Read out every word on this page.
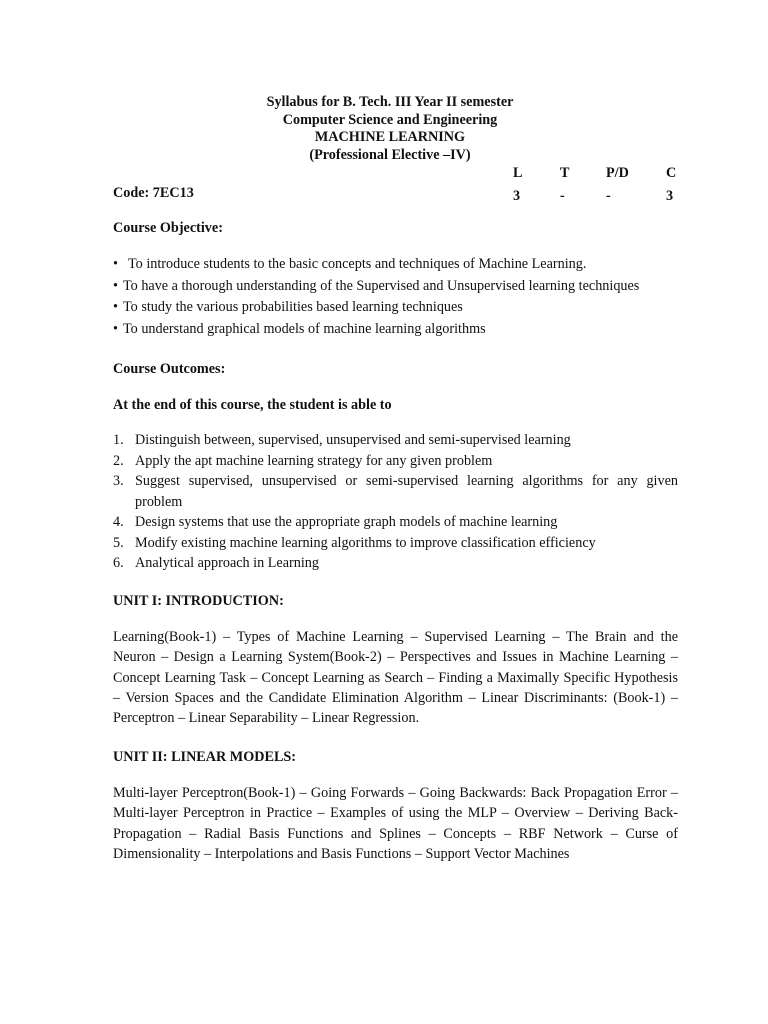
Syllabus for B. Tech. III Year II semester
Computer Science and Engineering
MACHINE LEARNING
(Professional Elective –IV)
L	T	P/D	C
3	-	-	3
Code: 7EC13
Course Objective:
• To introduce students to the basic concepts and techniques of Machine Learning.
• To have a thorough understanding of the Supervised and Unsupervised learning techniques
• To study the various probabilities based learning techniques
• To understand graphical models of machine learning algorithms
Course Outcomes:
At the end of this course, the student is able to
1. Distinguish between, supervised, unsupervised and semi-supervised learning
2. Apply the apt machine learning strategy for any given problem
3. Suggest supervised, unsupervised or semi-supervised learning algorithms for any given problem
4. Design systems that use the appropriate graph models of machine learning
5. Modify existing machine learning algorithms to improve classification efficiency
6. Analytical approach in Learning
UNIT I: INTRODUCTION:
Learning(Book-1) – Types of Machine Learning – Supervised Learning – The Brain and the Neuron – Design a Learning System(Book-2) – Perspectives and Issues in Machine Learning – Concept Learning Task – Concept Learning as Search – Finding a Maximally Specific Hypothesis – Version Spaces and the Candidate Elimination Algorithm – Linear Discriminants: (Book-1) – Perceptron – Linear Separability – Linear Regression.
UNIT II: LINEAR MODELS:
Multi-layer Perceptron(Book-1) – Going Forwards – Going Backwards: Back Propagation Error – Multi-layer Perceptron in Practice – Examples of using the MLP – Overview – Deriving Back-Propagation – Radial Basis Functions and Splines – Concepts – RBF Network – Curse of Dimensionality – Interpolations and Basis Functions – Support Vector Machines
